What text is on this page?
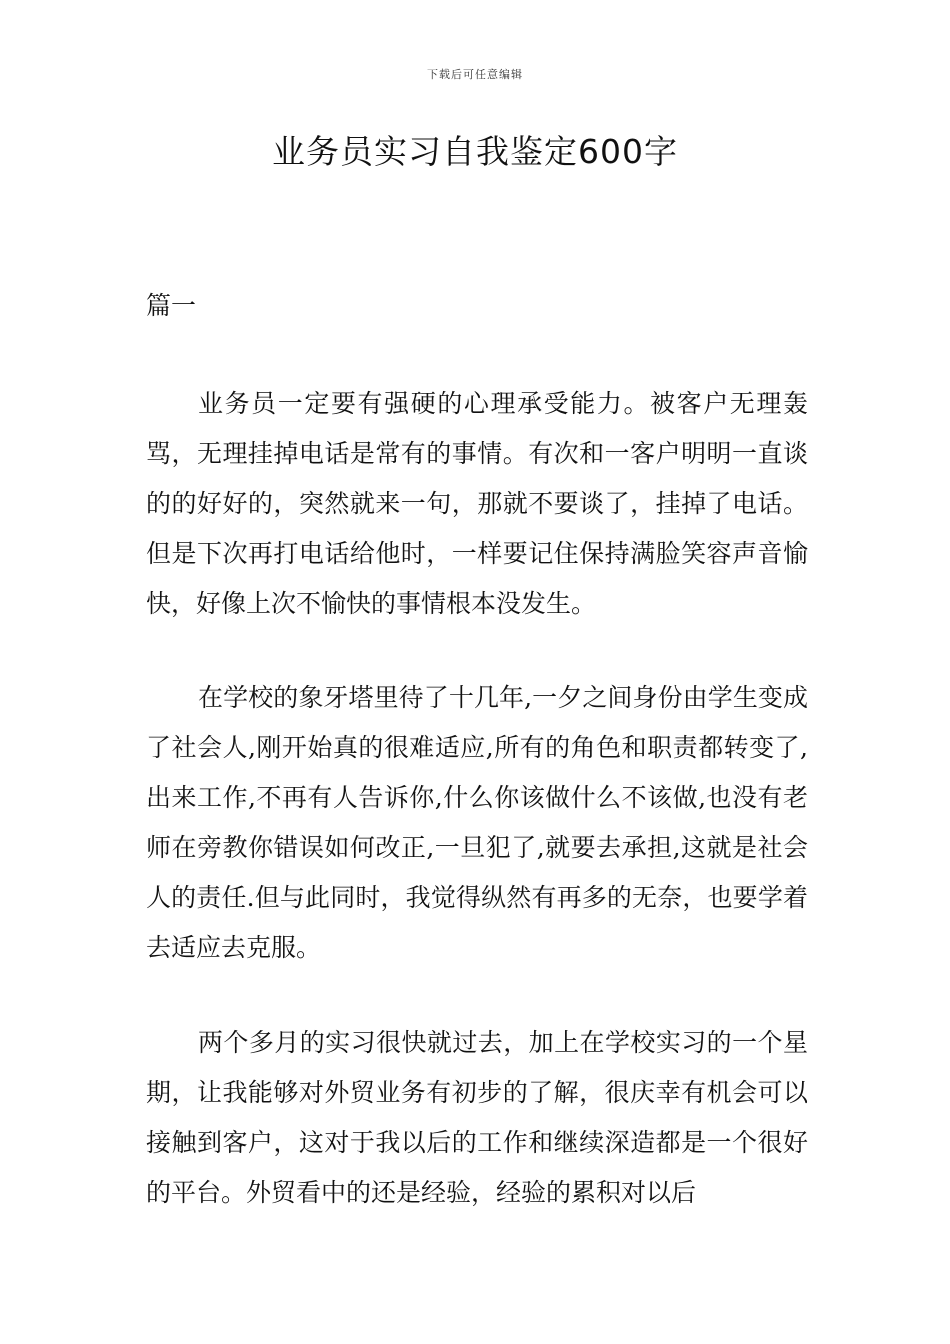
下载后可任意编辑
业务员实习自我鉴定600字
篇一

业务员一定要有强硬的心理承受能力。被客户无理轰骂，无理挂掉电话是常有的事情。有次和一客户明明一直谈的的好好的，突然就来一句，那就不要谈了，挂掉了电话。但是下次再打电话给他时，一样要记住保持满脸笑容声音愉快，好像上次不愉快的事情根本没发生。

在学校的象牙塔里待了十几年,一夕之间身份由学生变成了社会人,刚开始真的很难适应,所有的角色和职责都转变了,出来工作,不再有人告诉你,什么你该做什么不该做,也没有老师在旁教你错误如何改正,一旦犯了,就要去承担,这就是社会人的责任.但与此同时，我觉得纵然有再多的无奈，也要学着去适应去克服。

两个多月的实习很快就过去，加上在学校实习的一个星期，让我能够对外贸业务有初步的了解，很庆幸有机会可以接触到客户，这对于我以后的工作和继续深造都是一个很好的平台。外贸看中的还是经验，经验的累积对以后
